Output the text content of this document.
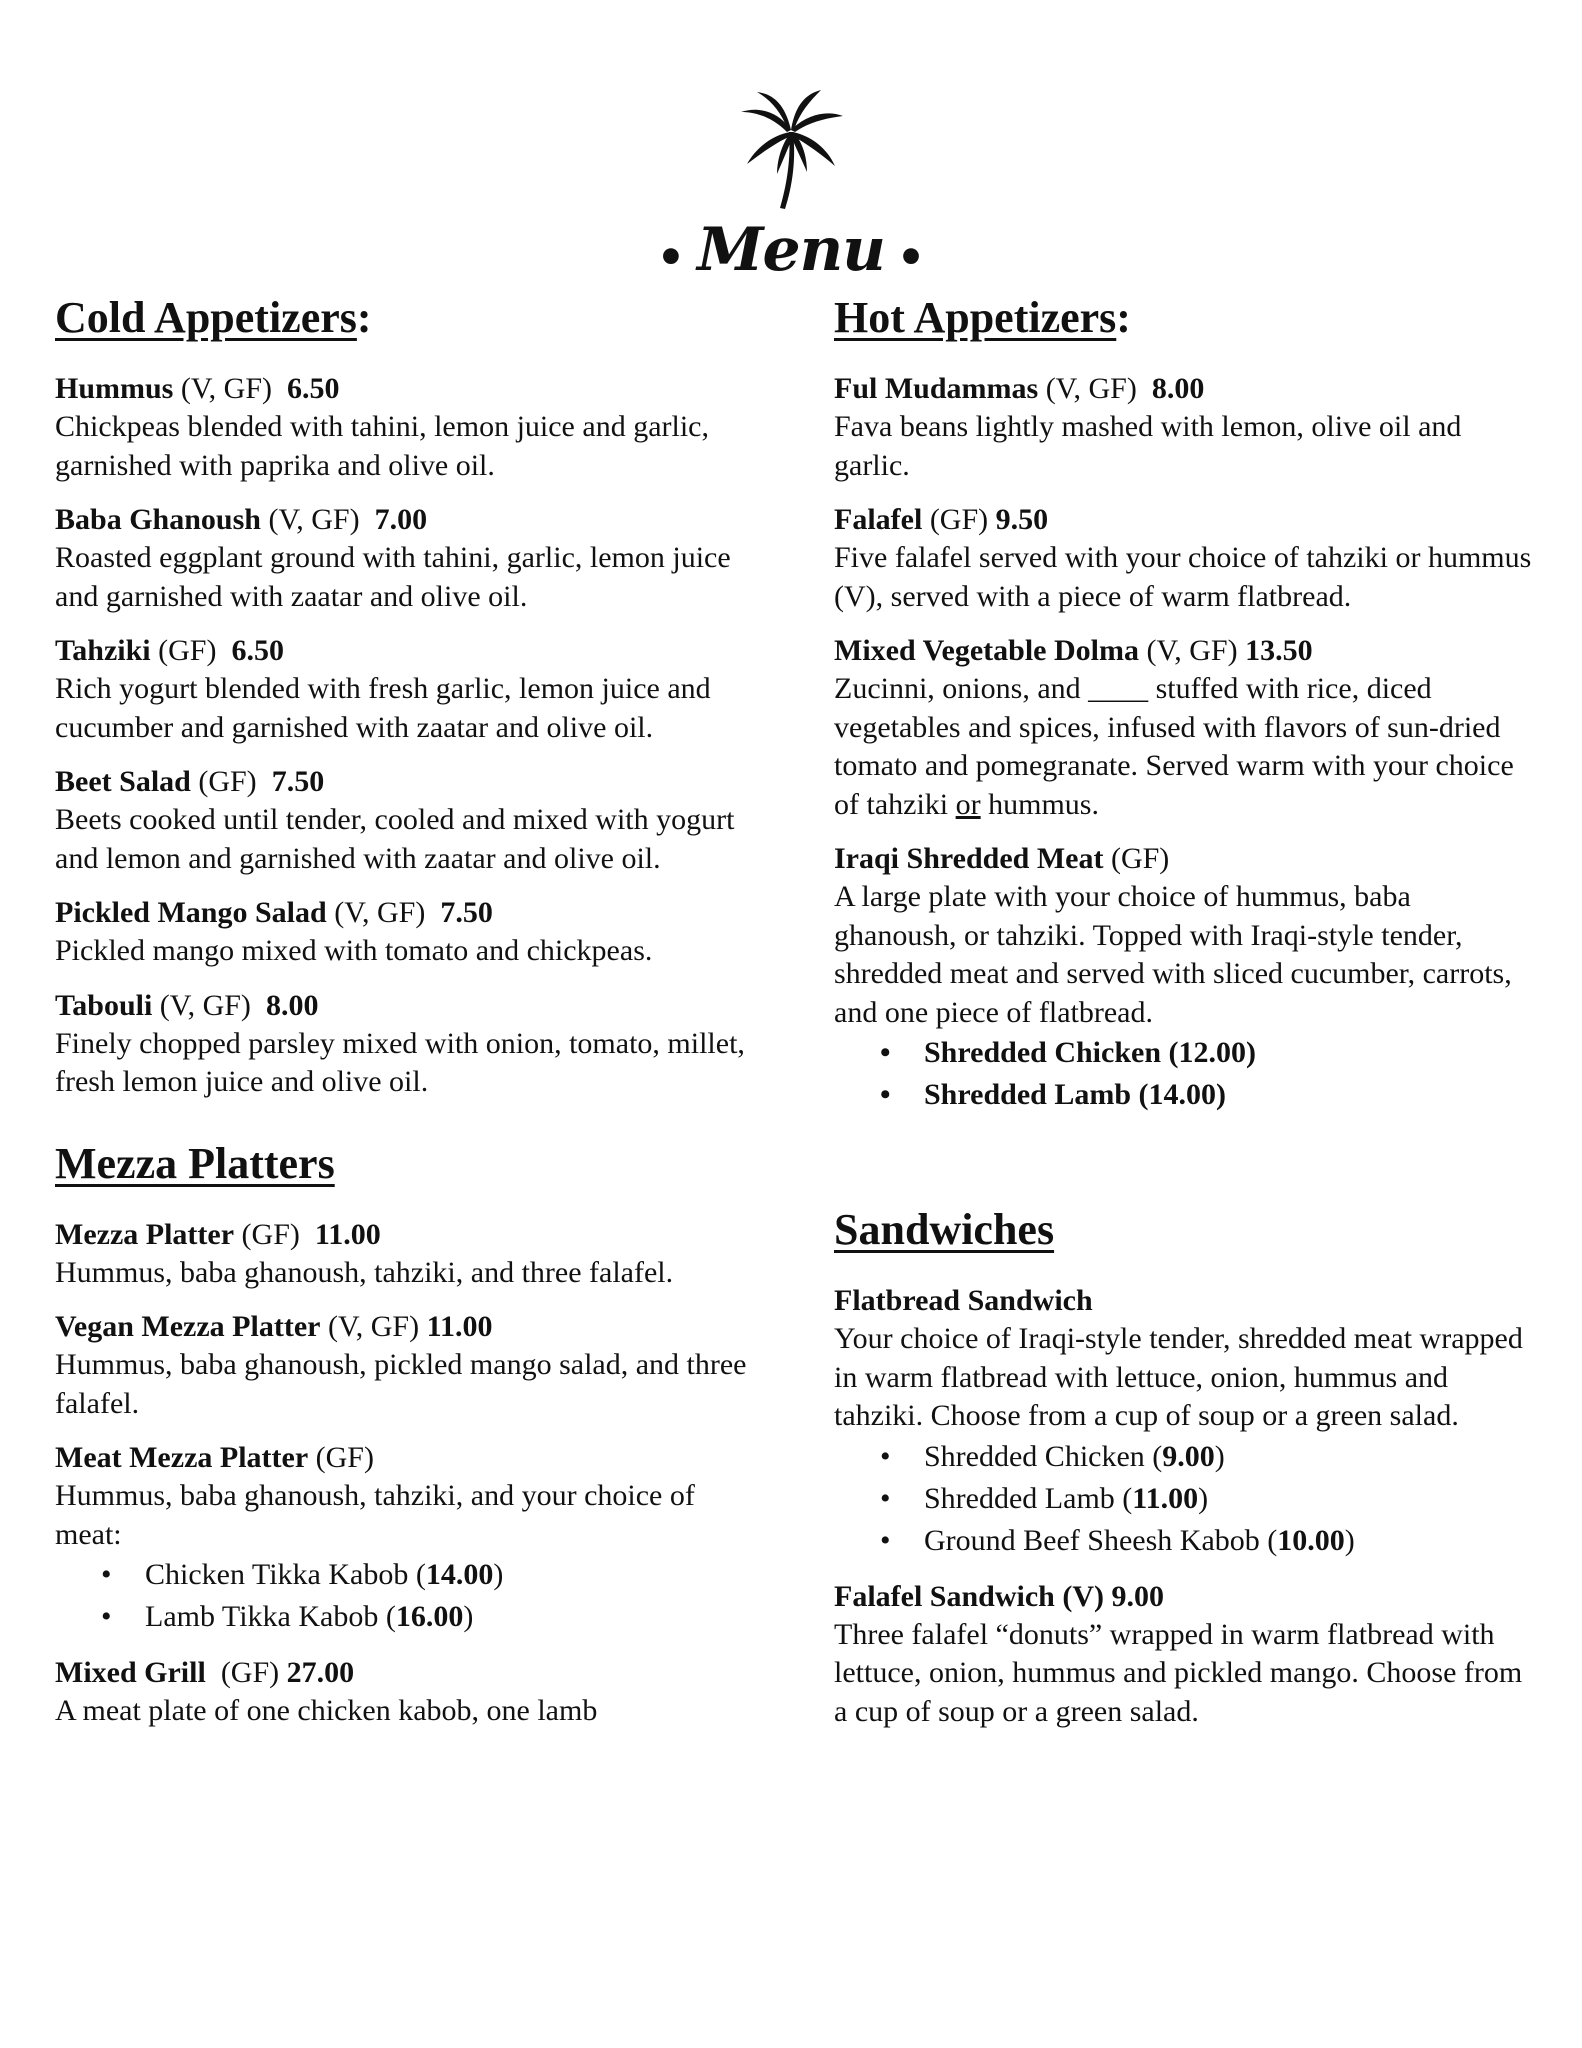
• Menu •
Cold Appetizers:
Hummus (V, GF) 6.50
Chickpeas blended with tahini, lemon juice and garlic, garnished with paprika and olive oil.
Baba Ghanoush (V, GF) 7.00
Roasted eggplant ground with tahini, garlic, lemon juice and garnished with zaatar and olive oil.
Tahziki (GF) 6.50
Rich yogurt blended with fresh garlic, lemon juice and cucumber and garnished with zaatar and olive oil.
Beet Salad (GF) 7.50
Beets cooked until tender, cooled and mixed with yogurt and lemon and garnished with zaatar and olive oil.
Pickled Mango Salad (V, GF) 7.50
Pickled mango mixed with tomato and chickpeas.
Tabouli (V, GF) 8.00
Finely chopped parsley mixed with onion, tomato, millet, fresh lemon juice and olive oil.
Mezza Platters
Mezza Platter (GF) 11.00
Hummus, baba ghanoush, tahziki, and three falafel.
Vegan Mezza Platter (V, GF) 11.00
Hummus, baba ghanoush, pickled mango salad, and three falafel.
Meat Mezza Platter (GF)
Hummus, baba ghanoush, tahziki, and your choice of meat:
• Chicken Tikka Kabob (14.00)
• Lamb Tikka Kabob (16.00)
Mixed Grill (GF) 27.00
A meat plate of one chicken kabob, one lamb
Hot Appetizers:
Ful Mudammas (V, GF) 8.00
Fava beans lightly mashed with lemon, olive oil and garlic.
Falafel (GF) 9.50
Five falafel served with your choice of tahziki or hummus (V), served with a piece of warm flatbread.
Mixed Vegetable Dolma (V, GF) 13.50
Zucinni, onions, and ____ stuffed with rice, diced vegetables and spices, infused with flavors of sun-dried tomato and pomegranate. Served warm with your choice of tahziki or hummus.
Iraqi Shredded Meat (GF)
A large plate with your choice of hummus, baba ghanoush, or tahziki. Topped with Iraqi-style tender, shredded meat and served with sliced cucumber, carrots, and one piece of flatbread.
• Shredded Chicken (12.00)
• Shredded Lamb (14.00)
Sandwiches
Flatbread Sandwich
Your choice of Iraqi-style tender, shredded meat wrapped in warm flatbread with lettuce, onion, hummus and tahziki. Choose from a cup of soup or a green salad.
• Shredded Chicken (9.00)
• Shredded Lamb (11.00)
• Ground Beef Sheesh Kabob (10.00)
Falafel Sandwich (V) 9.00
Three falafel “donuts” wrapped in warm flatbread with lettuce, onion, hummus and pickled mango. Choose from a cup of soup or a green salad.
